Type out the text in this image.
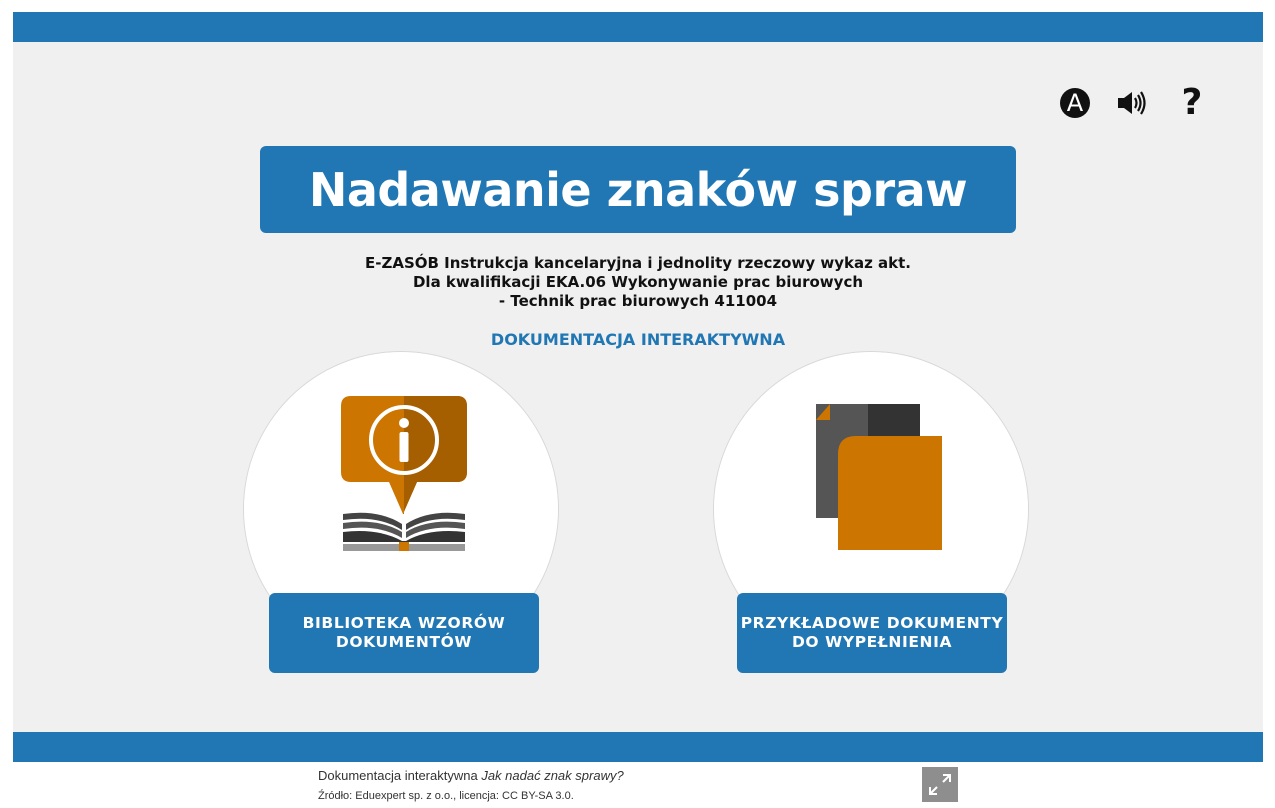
A	?
Nadawanie znaków spraw
E-ZASÓB Instrukcja kancelaryjna i jednolity rzeczowy wykaz akt.
Dla kwalifikacji EKA.06 Wykonywanie prac biurowych
- Technik prac biurowych 411004
DOKUMENTACJA INTERAKTYWNA
BIBLIOTEKA WZORÓW
DOKUMENTÓW
PRZYKŁADOWE DOKUMENTY
DO WYPEŁNIENIA
Dokumentacja interaktywna Jak nadać znak sprawy?
Źródło: Eduexpert sp. z o.o., licencja: CC BY-SA 3.0.
